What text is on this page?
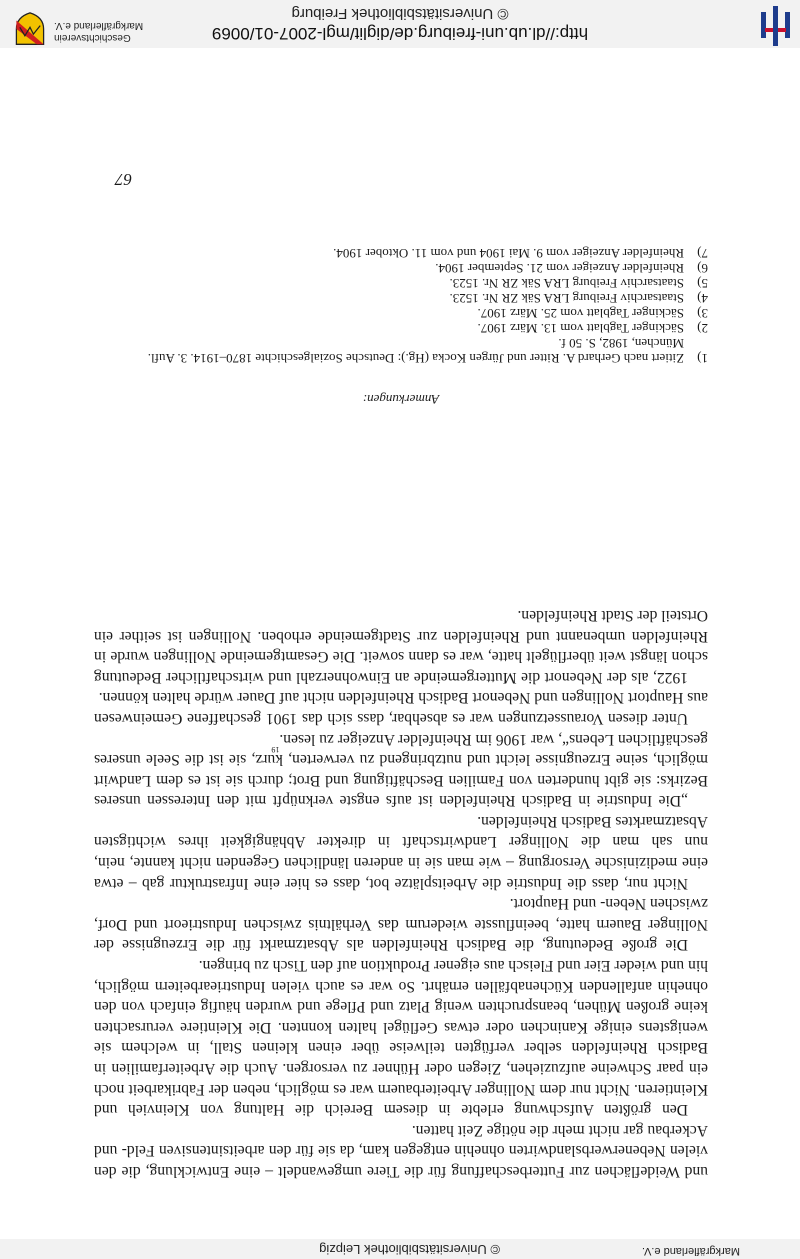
© Universitätsbibliothek Leipzig	Markgräflerland e.V.

und Weideflächen zur Futterbeschaffung für die Tiere umgewandelt – eine Entwicklung, die den vielen Nebenerwerbslandwirten ohnehin entgegen kam, da sie für den arbeitsintensiven Feld- und Ackerbau gar nicht mehr die nötige Zeit hatten.

Den größten Aufschwung erlebte in diesem Bereich die Haltung von Kleinvieh und Kleintieren. Nicht nur dem Nollinger Arbeiterbauern war es möglich, neben der Fabrikarbeit noch ein paar Schweine aufzuziehen, Ziegen oder Hühner zu versorgen. Auch die Arbeiterfamilien in Badisch Rheinfelden selber verfügten teilweise über einen kleinen Stall, in welchem sie wenigstens einige Kaninchen oder etwas Geflügel halten konnten. Die Kleintiere verursachten keine großen Mühen, beanspruchten wenig Platz und Pflege und wurden häufig einfach von den ohnehin anfallenden Küchenabfällen ernährt. So war es auch vielen Industriearbeitern möglich, hin und wieder Eier und Fleisch aus eigener Produktion auf den Tisch zu bringen.

Die große Bedeutung, die Badisch Rheinfelden als Absatzmarkt für die Erzeugnisse der Nollinger Bauern hatte, beeinflusste wiederum das Verhältnis zwischen Industrieort und Dorf, zwischen Neben- und Hauptort.

Nicht nur, dass die Industrie die Arbeitsplätze bot, dass es hier eine Infrastruktur gab – etwa eine medizinische Versorgung – wie man sie in anderen ländlichen Gegenden nicht kannte, nein, nun sah man die Nollinger Landwirtschaft in direkter Abhängigkeit ihres wichtigsten Absatzmarktes Badisch Rheinfelden.

„Die Industrie in Badisch Rheinfelden ist aufs engste verknüpft mit den Interessen unseres Bezirks: sie gibt hunderten von Familien Beschäftigung und Brot; durch sie ist es dem Landwirt möglich, seine Erzeugnisse leicht und nutzbringend zu verwerten, kurz, sie ist die Seele unseres geschäftlichen Lebens“, war 1906 im Rheinfelder Anzeiger zu lesen.$^{19}$

Unter diesen Voraussetzungen war es absehbar, dass sich das 1901 geschaffene Gemeinwesen aus Hauptort Nollingen und Nebenort Badisch Rheinfelden nicht auf Dauer würde halten können.

1922, als der Nebenort die Muttergemeinde an Einwohnerzahl und wirtschaftlicher Bedeutung schon längst weit überflügelt hatte, war es dann soweit. Die Gesamtgemeinde Nollingen wurde in Rheinfelden umbenannt und Rheinfelden zur Stadtgemeinde erhoben. Nollingen ist seither ein Ortsteil der Stadt Rheinfelden.

Anmerkungen:
1)
Zitiert nach Gerhard A. Ritter und Jürgen Kocka (Hg.): Deutsche Sozialgeschichte 1870–1914. 3. Aufl. München, 1982, S. 50 f.
2)
Säckinger Tagblatt vom 13. März 1907.
3)
Säckinger Tagblatt vom 25. März 1907.
4)
Staatsarchiv Freiburg LRA Säk ZR Nr. 1523.
5)
Staatsarchiv Freiburg LRA Säk ZR Nr. 1523.
6)
Rheinfelder Anzeiger vom 21. September 1904.
7)
Rheinfelder Anzeiger vom 9. Mai 1904 und vom 11. Oktober 1904.
67
http://dl.ub.uni-freiburg.de/diglit/mgl-2007-01/0069
© Universitätsbibliothek Freiburg
Geschichtsverein
Markgräflerland e.V.
